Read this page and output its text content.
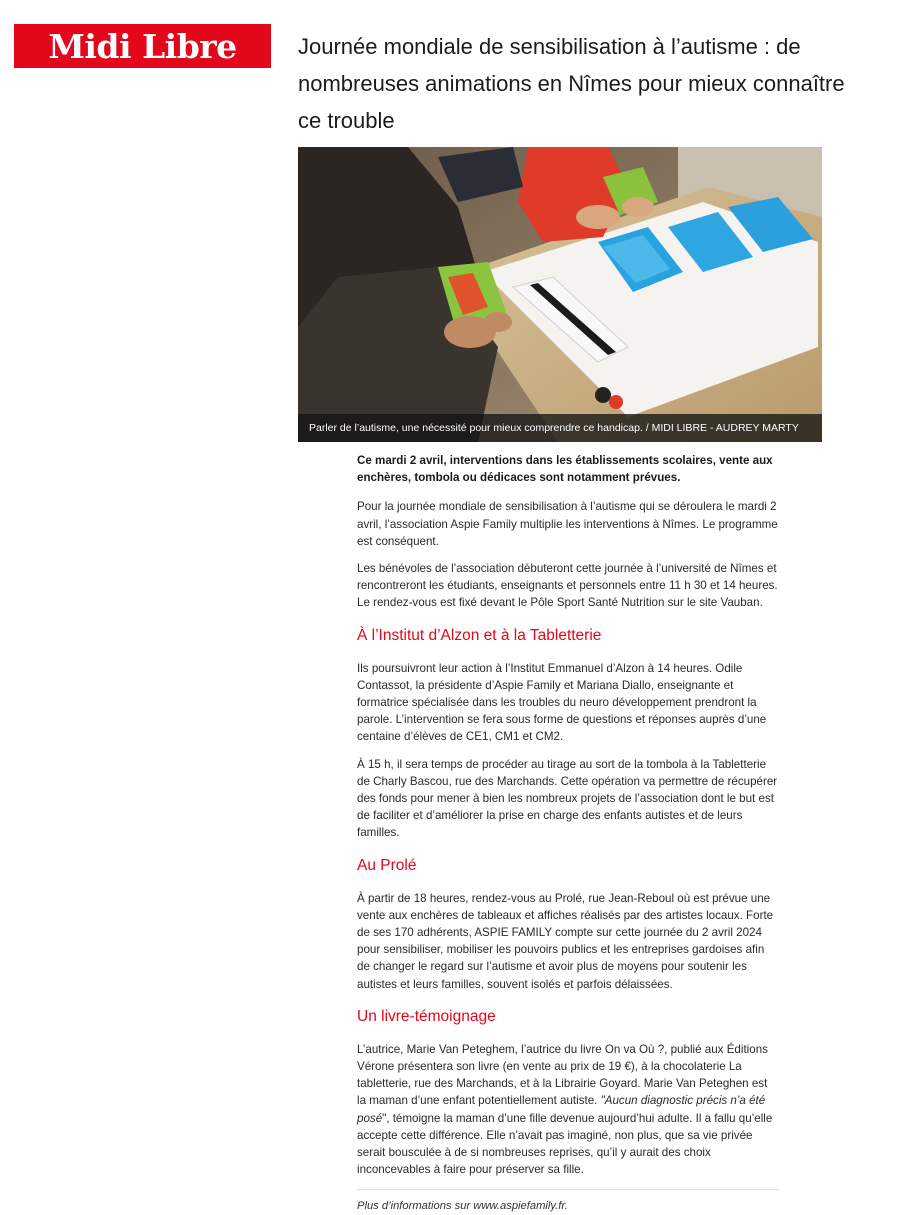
Midi Libre	Journée mondiale de sensibilisation à l’autisme : de nombreuses animations en Nîmes pour mieux connaître ce trouble
Parler de l’autisme, une nécessité pour mieux comprendre ce handicap. / MIDI LIBRE - AUDREY MARTY

Ce mardi 2 avril, interventions dans les établissements scolaires, vente aux enchères, tombola ou dédicaces sont notamment prévues.

Pour la journée mondiale de sensibilisation à l’autisme qui se déroulera le mardi 2 avril, l’association Aspie Family multiplie les interventions à Nîmes. Le programme est conséquent.

Les bénévoles de l’association débuteront cette journée à l’université de Nîmes et rencontreront les étudiants, enseignants et personnels entre 11 h 30 et 14 heures. Le rendez-vous est fixé devant le Pôle Sport Santé Nutrition sur le site Vauban.

À l’Institut d’Alzon et à la Tabletterie

Ils poursuivront leur action à l’Institut Emmanuel d’Alzon à 14 heures. Odile Contassot, la présidente d’Aspie Family et Mariana Diallo, enseignante et formatrice spécialisée dans les troubles du neuro développement prendront la parole. L’intervention se fera sous forme de questions et réponses auprès d’une centaine d’élèves de CE1, CM1 et CM2.

À 15 h, il sera temps de procéder au tirage au sort de la tombola à la Tabletterie de Charly Bascou, rue des Marchands. Cette opération va permettre de récupérer des fonds pour mener à bien les nombreux projets de l’association dont le but est de faciliter et d’améliorer la prise en charge des enfants autistes et de leurs familles.

Au Prolé

À partir de 18 heures, rendez-vous au Prolé, rue Jean-Reboul où est prévue une vente aux enchères de tableaux et affiches réalisés par des artistes locaux. Forte de ses 170 adhérents, ASPIE FAMILY compte sur cette journée du 2 avril 2024 pour sensibiliser, mobiliser les pouvoirs publics et les entreprises gardoises afin de changer le regard sur l’autisme et avoir plus de moyens pour soutenir les autistes et leurs familles, souvent isolés et parfois délaissées.

Un livre-témoignage

L’autrice, Marie Van Peteghem, l’autrice du livre On va Où ?, publié aux Éditions Vérone présentera son livre (en vente au prix de 19 €), à la chocolaterie La tabletterie, rue des Marchands, et à la Librairie Goyard. Marie Van Peteghen est la maman d’une enfant potentiellement autiste. "Aucun diagnostic précis n’a été posé", témoigne la maman d’une fille devenue aujourd’hui adulte. Il a fallu qu’elle accepte cette différence. Elle n’avait pas imaginé, non plus, que sa vie privée serait bousculée à de si nombreuses reprises, qu’il y aurait des choix inconcevables à faire pour préserver sa fille.

Plus d’informations sur www.aspiefamily.fr.
